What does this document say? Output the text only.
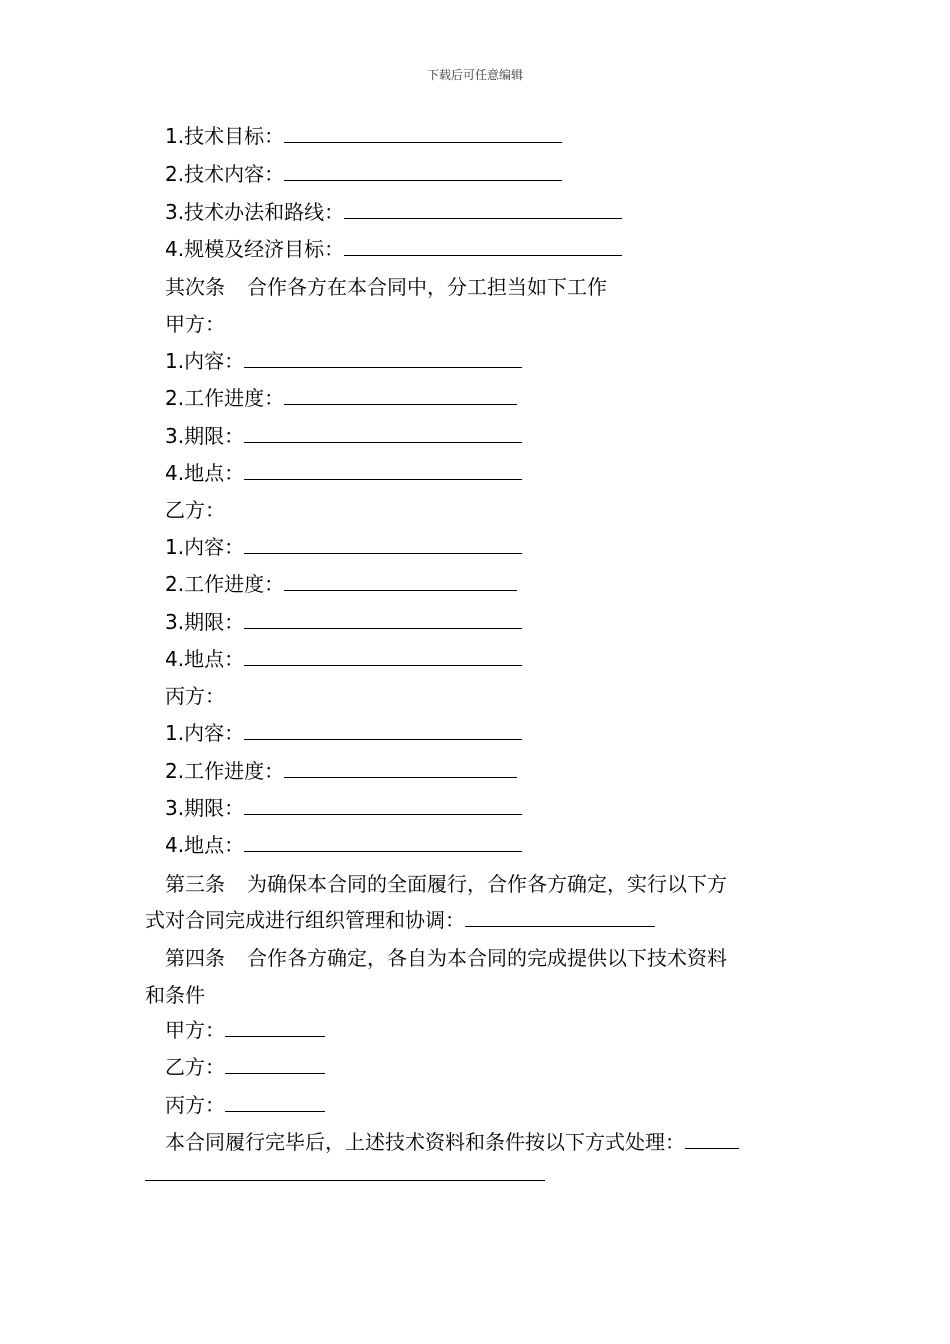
下载后可任意编辑
1.技术目标：
2.技术内容：
3.技术办法和路线：
4.规模及经济目标：
其次条 合作各方在本合同中，分工担当如下工作
甲方：
1.内容：
2.工作进度：
3.期限：
4.地点：
乙方：
1.内容：
2.工作进度：
3.期限：
4.地点：
丙方：
1.内容：
2.工作进度：
3.期限：
4.地点：
第三条 为确保本合同的全面履行，合作各方确定，实行以下方
式对合同完成进行组织管理和协调：
第四条 合作各方确定，各自为本合同的完成提供以下技术资料
和条件
甲方：
乙方：
丙方：
本合同履行完毕后，上述技术资料和条件按以下方式处理：
